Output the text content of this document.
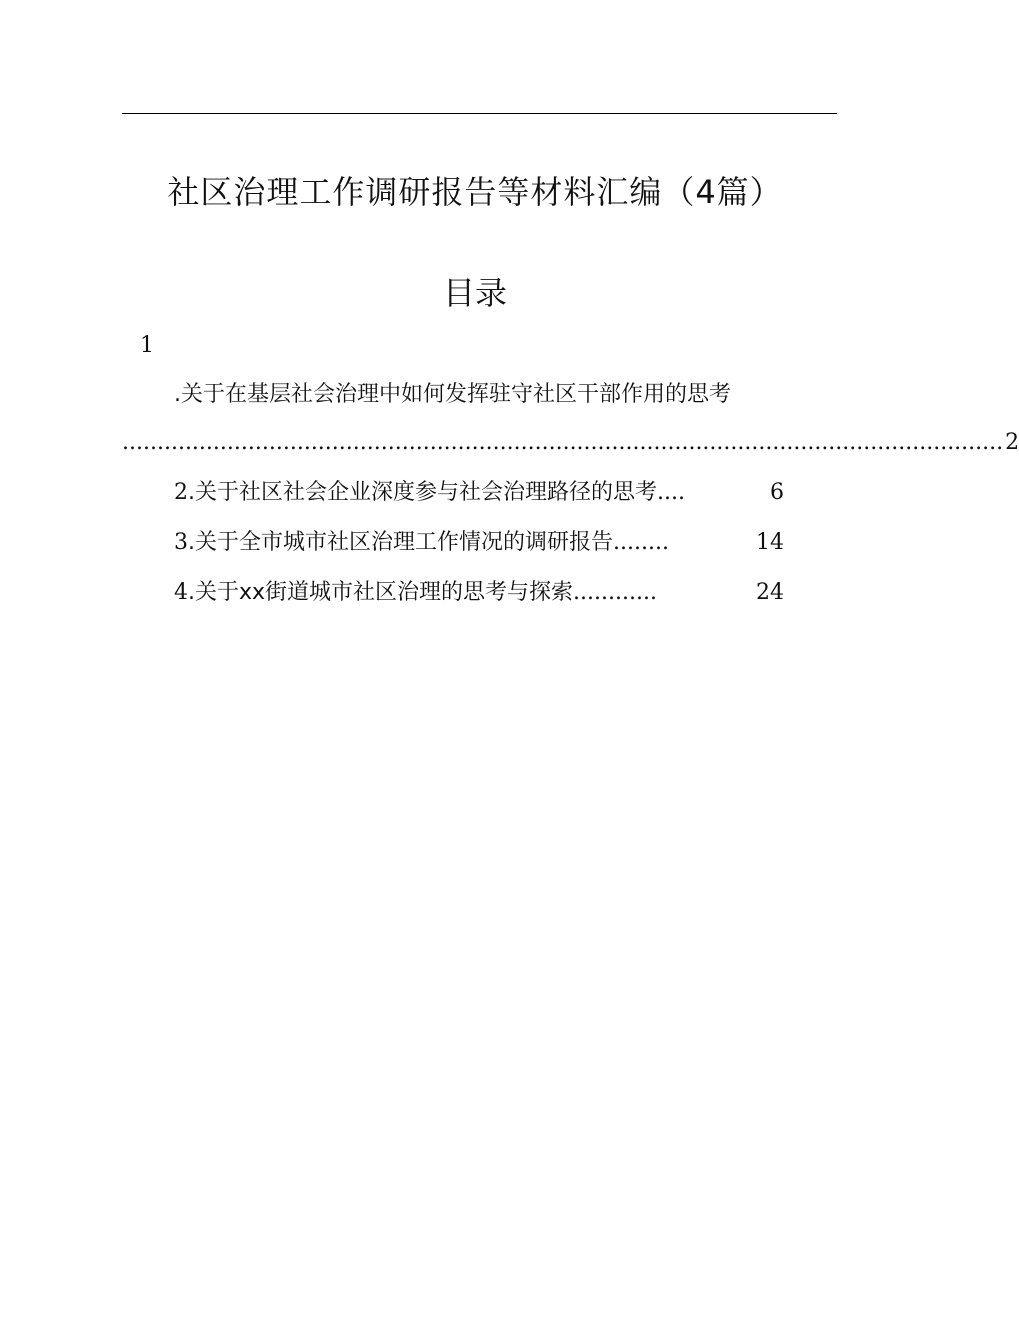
社区治理工作调研报告等材料汇编（4篇）
目录
1
.关于在基层社会治理中如何发挥驻守社区干部作用的思考
.............................................................................................................................. 2
2.关于社区社会企业深度参与社会治理路径的思考 ....	6
3.关于全市城市社区治理工作情况的调研报告 ........	14
4.关于xx街道城市社区治理的思考与探索 ............	24
